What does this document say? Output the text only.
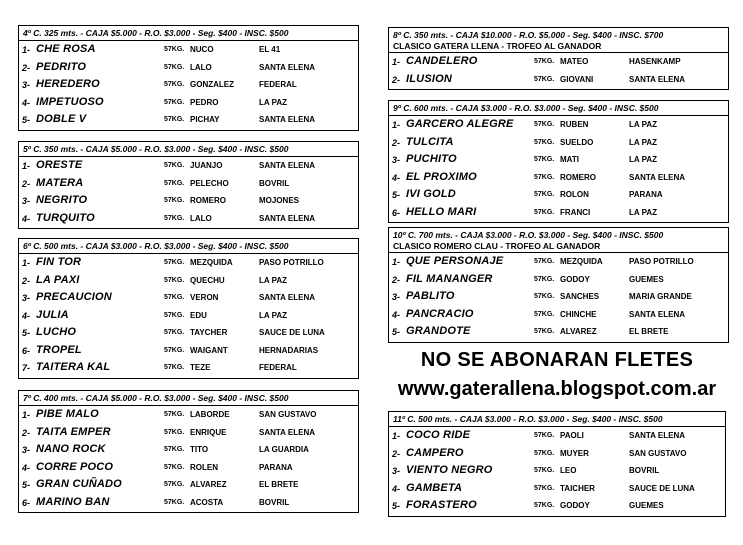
4º C. 325 mts. - CAJA $5.000 - R.O. $3.000 - Seg. $400 - INSC. $500
1- CHE ROSA	57KG. NUCO	EL 41
2- PEDRITO	57KG. LALO	SANTA ELENA
3- HEREDERO	57KG. GONZALEZ	FEDERAL
4- IMPETUOSO	57KG. PEDRO	LA PAZ
5- DOBLE V	57KG. PICHAY	SANTA ELENA
5º C. 350 mts. - CAJA $5.000 - R.O. $3.000 - Seg. $400 - INSC. $500
1- ORESTE	57KG. JUANJO	SANTA ELENA
2- MATERA	57KG. PELECHO	BOVRIL
3- NEGRITO	57KG. ROMERO	MOJONES
4- TURQUITO	57KG. LALO	SANTA ELENA
6º C. 500 mts. - CAJA $3.000 - R.O. $3.000 - Seg. $400 - INSC. $500
1- FIN TOR	57KG. MEZQUIDA	PASO POTRILLO
2- LA PAXI	57KG. QUECHU	LA PAZ
3- PRECAUCION	57KG. VERON	SANTA ELENA
4- JULIA	57KG. EDU	LA PAZ
5- LUCHO	57KG. TAYCHER	SAUCE DE LUNA
6- TROPEL	57KG. WAIGANT	HERNADARIAS
7- TAITERA KAL	57KG. TEZE	FEDERAL
7º C. 400 mts. - CAJA $5.000 - R.O. $3.000 - Seg. $400 - INSC. $500
1- PIBE MALO	57KG. LABORDE	SAN GUSTAVO
2- TAITA EMPER	57KG. ENRIQUE	SANTA ELENA
3- NANO ROCK	57KG. TITO	LA GUARDIA
4- CORRE POCO	57KG. ROLEN	PARANA
5- GRAN CUÑADO	57KG. ALVAREZ	EL BRETE
6- MARINO BAN	57KG. ACOSTA	BOVRIL
8º C. 350 mts. - CAJA $10.000 - R.O. $5.000 - Seg. $400 - INSC. $700
CLASICO GATERA LLENA - TROFEO AL GANADOR
1- CANDELERO	57KG. MATEO	HASENKAMP
2- ILUSION	57KG. GIOVANI	SANTA ELENA
9º C. 600 mts. - CAJA $3.000 - R.O. $3.000 - Seg. $400 - INSC. $500
1- GARCERO ALEGRE	57KG. RUBEN	LA PAZ
2- TULCITA	57KG. SUELDO	LA PAZ
3- PUCHITO	57KG. MATI	LA PAZ
4- EL PROXIMO	57KG. ROMERO	SANTA ELENA
5- IVI GOLD	57KG. ROLON	PARANA
6- HELLO MARI	57KG. FRANCI	LA PAZ
10º C. 700 mts. - CAJA $3.000 - R.O. $3.000 - Seg. $400 - INSC. $500
CLASICO ROMERO CLAU - TROFEO AL GANADOR
1- QUE PERSONAJE	57KG. MEZQUIDA	PASO POTRILLO
2- FIL MANANGER	57KG. GODOY	GUEMES
3- PABLITO	57KG. SANCHES	MARIA GRANDE
4- PANCRACIO	57KG. CHINCHE	SANTA ELENA
5- GRANDOTE	57KG. ALVAREZ	EL BRETE
NO SE ABONARAN FLETES
www.gaterallena.blogspot.com.ar
11º C. 500 mts. - CAJA $3.000 - R.O. $3.000 - Seg. $400 - INSC. $500
1- COCO RIDE	57KG. PAOLI	SANTA ELENA
2- CAMPERO	57KG. MUYER	SAN GUSTAVO
3- VIENTO NEGRO	57KG. LEO	BOVRIL
4- GAMBETA	57KG. TAICHER	SAUCE DE LUNA
5- FORASTERO	57KG. GODOY	GUEMES
